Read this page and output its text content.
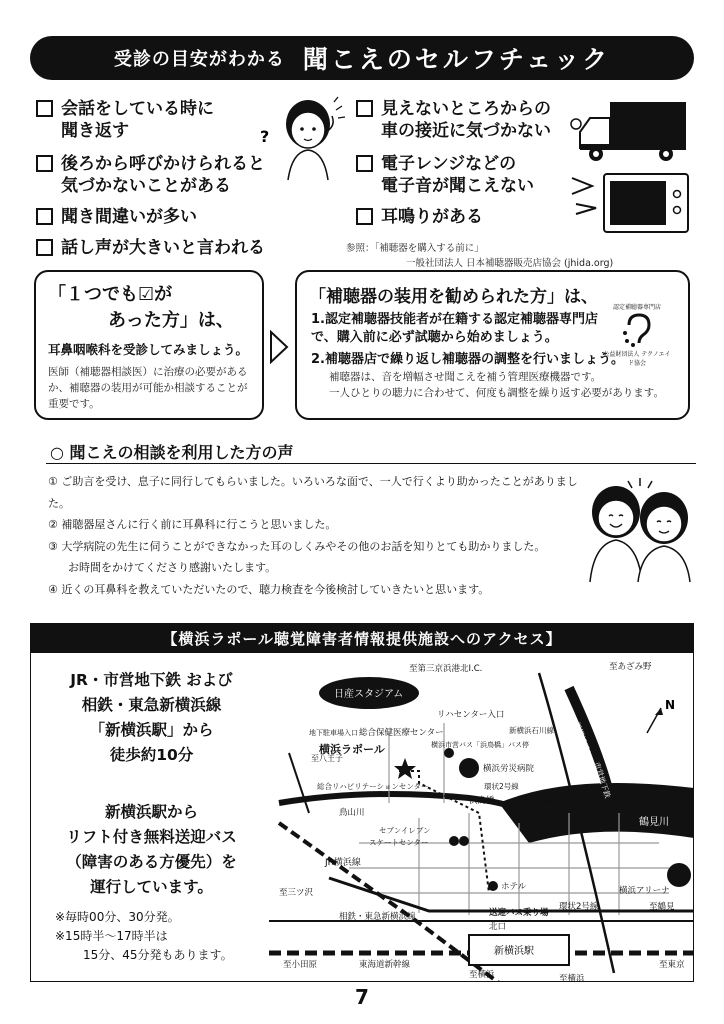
受診の目安がわかる 聞こえのセルフチェック
会話をしている時に
聞き返す
後ろから呼びかけられると
気づかないことがある
聞き間違いが多い
話し声が大きいと言われる
見えないところからの
車の接近に気づかない
電子レンジなどの
電子音が聞こえない
耳鳴りがある
?
参照：「補聴器を購入する前に」
一般社団法人 日本補聴器販売店協会 (jhida.org)
「１つでも☑が
あった方」は、
耳鼻咽喉科を受診してみましょう。
医師（補聴器相談医）に治療の必要があるか、補聴器の装用が可能か相談することが重要です。
「補聴器の装用を勧められた方」は、
1.認定補聴器技能者が在籍する認定補聴器専門店で、購入前に必ず試聴から始めましょう。
2.補聴器店で繰り返し補聴器の調整を行いましょう。
補聴器は、音を増幅させ聞こえを補う管理医療機器です。
一人ひとりの聴力に合わせて、何度も調整を繰り返す必要があります。
認定補聴器専門店
公益財団法人 テクノエイド協会
○ 聞こえの相談を利用した方の声
① ご助言を受け、息子に同行してもらいました。いろいろな面で、一人で行くより助かったことがありました。
② 補聴器屋さんに行く前に耳鼻科に行こうと思いました。
③ 大学病院の先生に伺うことができなかった耳のしくみやその他のお話を知りとても助かりました。
お時間をかけてくださり感謝いたします。
④ 近くの耳鼻科を教えていただいたので、聴力検査を今後検討していきたいと思います。
【横浜ラポール聴覚障害者情報提供施設へのアクセス】
JR・市営地下鉄 および
相鉄・東急新横浜線
「新横浜駅」から
徒歩約10分
新横浜駅から
リフト付き無料送迎バス
（障害のある方優先）を
運行しています。
※毎時00分、30分発。
※15時半〜17時半は
15分、45分発もあります。
鶴見川
新横浜駅
日産スタジアム
N
至第三京浜港北I.C.	至あざみ野
リハセンター入口
総合保健医療センター	新横浜石川線
地下駐車場入口
横浜ラポール	横浜市営バス「浜鳥橋」バス停
横浜労災病院
総合リハビリテーションセンター	環状2号線
至八王子
鳥山川
浜鳥橋	鳥山大橋
セブンイレブン
スケートセンター
JR横浜線
至三ツ沢
ホテル
環状2号線
横浜アリーナ
至鶴見
相鉄・東急新横浜線	送迎バス乗り場
北口
至小田原	東海道新幹線
至横浜	至横浜
至東京
新横浜通り
市営地下鉄
7
